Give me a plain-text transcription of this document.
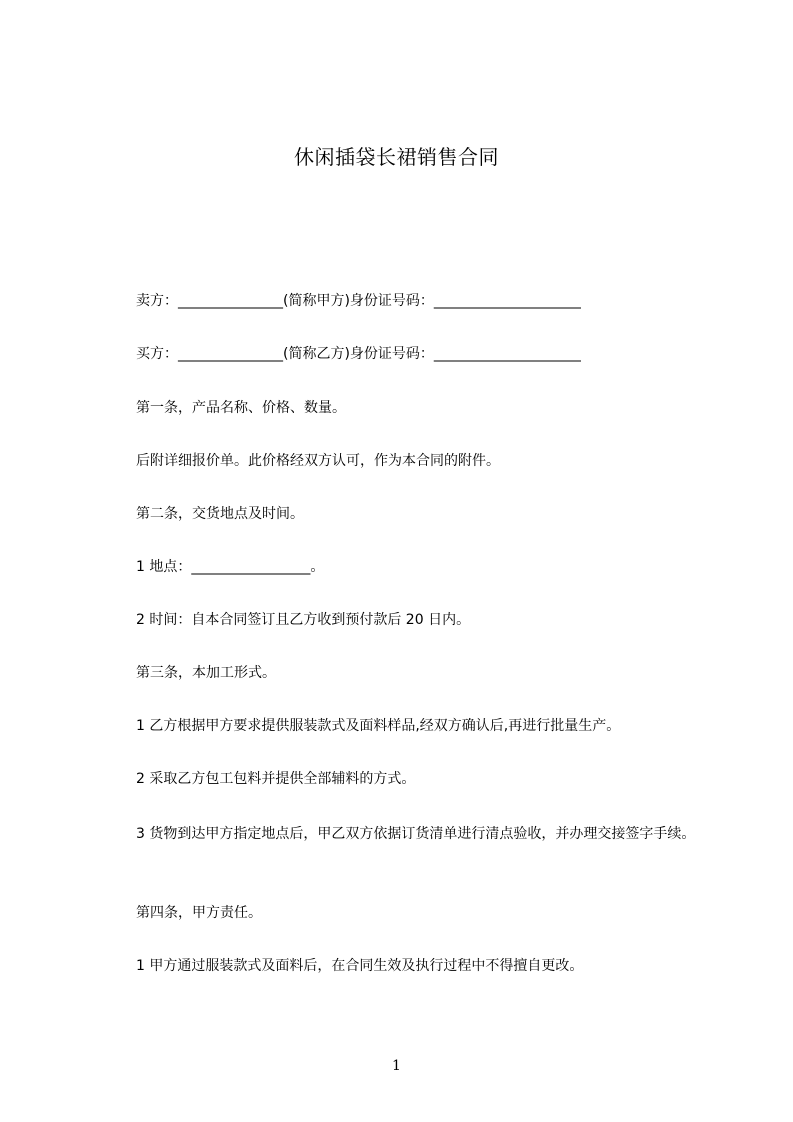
休闲插袋长裙销售合同
卖方：_______________(简称甲方)身份证号码：_____________________
买方：_______________(简称乙方)身份证号码：_____________________
第一条，产品名称、价格、数量。
后附详细报价单。此价格经双方认可，作为本合同的附件。
第二条，交货地点及时间。
1 地点：_________________。
2 时间：自本合同签订且乙方收到预付款后 20 日内。
第三条，本加工形式。
1 乙方根据甲方要求提供服装款式及面料样品,经双方确认后,再进行批量生产。
2 采取乙方包工包料并提供全部辅料的方式。
3 货物到达甲方指定地点后，甲乙双方依据订货清单进行清点验收，并办理交接签字手续。
第四条，甲方责任。
1 甲方通过服装款式及面料后，在合同生效及执行过程中不得擅自更改。
1
